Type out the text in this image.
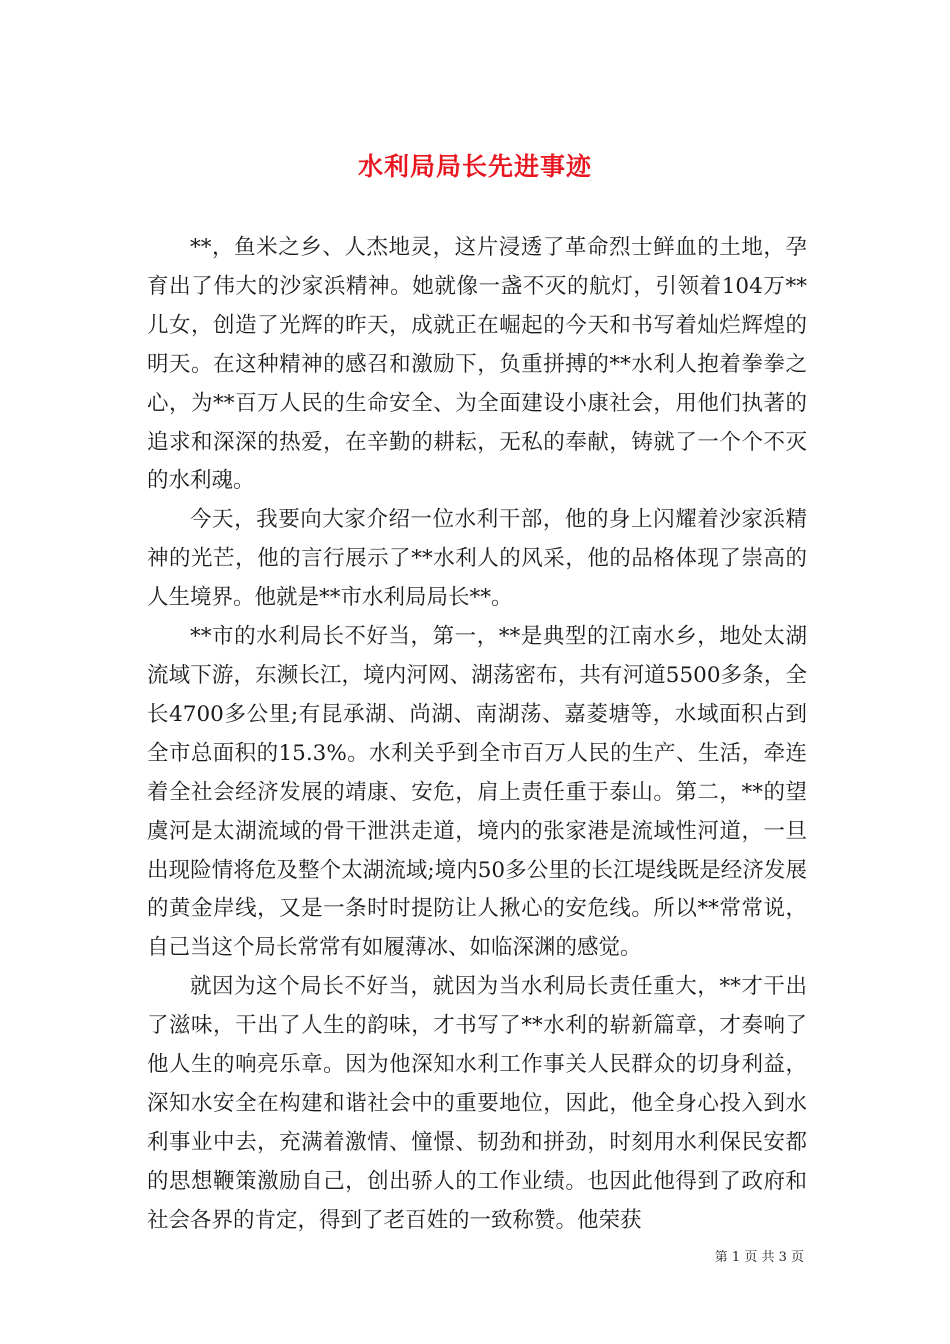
水利局局长先进事迹

**，鱼米之乡、人杰地灵，这片浸透了革命烈士鲜血的土地，孕育出了伟大的沙家浜精神。她就像一盏不灭的航灯，引领着104万**儿女，创造了光辉的昨天，成就正在崛起的今天和书写着灿烂辉煌的明天。在这种精神的感召和激励下，负重拼搏的**水利人抱着拳拳之心，为**百万人民的生命安全、为全面建设小康社会，用他们执著的追求和深深的热爱，在辛勤的耕耘，无私的奉献，铸就了一个个不灭的水利魂。

今天，我要向大家介绍一位水利干部，他的身上闪耀着沙家浜精神的光芒，他的言行展示了**水利人的风采，他的品格体现了崇高的人生境界。他就是**市水利局局长**。

**市的水利局长不好当，第一，**是典型的江南水乡，地处太湖流域下游，东濒长江，境内河网、湖荡密布，共有河道5500多条，全长4700多公里;有昆承湖、尚湖、南湖荡、嘉菱塘等，水域面积占到全市总面积的15.3%。水利关乎到全市百万人民的生产、生活，牵连着全社会经济发展的靖康、安危，肩上责任重于泰山。第二，**的望虞河是太湖流域的骨干泄洪走道，境内的张家港是流域性河道，一旦出现险情将危及整个太湖流域;境内50多公里的长江堤线既是经济发展的黄金岸线，又是一条时时提防让人揪心的安危线。所以**常常说，自己当这个局长常常有如履薄冰、如临深渊的感觉。

就因为这个局长不好当，就因为当水利局长责任重大，**才干出了滋味，干出了人生的韵味，才书写了**水利的崭新篇章，才奏响了他人生的响亮乐章。因为他深知水利工作事关人民群众的切身利益，深知水安全在构建和谐社会中的重要地位，因此，他全身心投入到水利事业中去，充满着激情、憧憬、韧劲和拼劲，时刻用水利保民安都的思想鞭策激励自己，创出骄人的工作业绩。也因此他得到了政府和社会各界的肯定，得到了老百姓的一致称赞。他荣获

第 1 页 共 3 页
